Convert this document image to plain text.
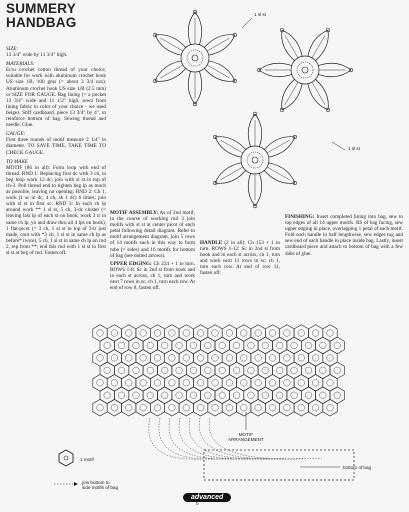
SUMMERY
HANDBAG
SIZE:

13 3/4" wide by 11 3/4" high.

MATERIALS:

Ecru crochet cotton thread of your choice, suitable for work with aluminum crochet hook US size 1B, 100 gms (= about 3 3/4 ozs). Aluminum crochet hook US size 1/B (2.5 mm) or SIZE FOR GAUGE. Bag lining (= a pocket 13 3/4" wide and 11 1/2" high, sewn from lining fabric in color of your choice - we used beige). Stiff cardboard, piece 13 3/4" by 4", to reinforce bottom of bag. Sewing thread and needle. Glue.

GAUGE:

First three rounds of motif measure 2 1/4" in diameter. TO SAVE TIME, TAKE TIME TO CHECK GAUGE.

TO MAKE

MOTIF (86 in all): Form loop with end of thread. RND 1: Replacing first dc with 3 ch, in beg loop work 12 dc; join with sl st in top of ch-3. Pull thread end to tighten beg lp as much as possible, leaving no opening. RND 2: Ch 1, work (1 sc in dc, 4 ch, sk 1 dc) 6 times; join with sl st in first sc. RND 3: In each ch lp around work ** 1 sl st, 5 ch, 3-dc cluster (= leaving last lp of each st on hook, work 3 tr in same ch lp, yo and draw thru all 4 lps on hook), 1 flat-picot (= 3 ch, 1 sl st in top of 3-tr just made, cont with *3 ch, 1 sl st in same ch lp as before* twice), 5 ch, 1 sl st in same ch lp on rnd 2, rep from **; end this rnd with 1 sl st in first sl st at beg of rnd. Fasten off.

MOTIF ASSEMBLY: As of 2nd motif, in the course of working rnd 3 join motifs with sl st at center picot of each petal following detail diagram. Refer to motif arrangement diagram, join 5 rows of 14 motifs each in this way to form tube (= sides) and 16 motifs for bottom of bag (see dotted arrows).

UPPER EDGING: Ch 224 + 1 to turn. ROWS 1-8: Sc in 2nd st from hook and in each st across, ch 1, turn and work next 7 rows in sc; ch 1, turn each row. At end of row 8, fasten off.

HANDLE (2 in all): Ch 153 + 1 to turn. ROWS 1-12: Sc in 2nd st from hook and in each st across, ch 1, turn and work next 11 rows in sc; ch 1, turn each row. At end of row 11, fasten off.

FINISHING: Insert completed lining into bag, sew to top edges of all 14 upper motifs. RS of bag facing, sew upper edging in place, overlapping 1 petal of each motif. Fold each handle in half lengthwise, sew edges tog and sew end of each handle in place inside bag. Lastly, insert cardboard piece and attach to bottom of bag with a few dabs of glue.

1 sl st
1 sl st
MOTIF
ARRANGEMENT
bottom of bag
1 motif
join bottom to
side motifs of bag
advanced
6
